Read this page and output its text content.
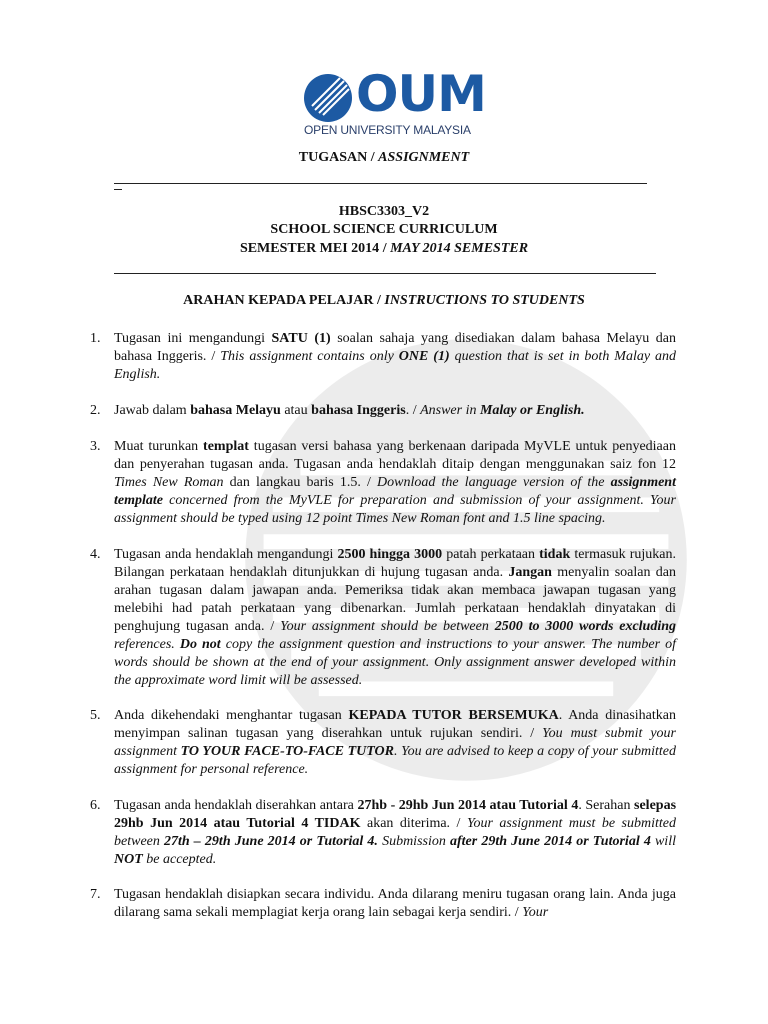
OUM
OPEN UNIVERSITY MALAYSIA
TUGASAN / ASSIGNMENT
HBSC3303_V2
SCHOOL SCIENCE CURRICULUM
SEMESTER MEI 2014 / MAY 2014 SEMESTER
ARAHAN KEPADA PELAJAR / INSTRUCTIONS TO STUDENTS
1. Tugasan ini mengandungi SATU (1) soalan sahaja yang disediakan dalam bahasa Melayu dan bahasa Inggeris. / This assignment contains only ONE (1) question that is set in both Malay and English.
2. Jawab dalam bahasa Melayu atau bahasa Inggeris. / Answer in Malay or English.
3. Muat turunkan templat tugasan versi bahasa yang berkenaan daripada MyVLE untuk penyediaan dan penyerahan tugasan anda. Tugasan anda hendaklah ditaip dengan menggunakan saiz fon 12 Times New Roman dan langkau baris 1.5. / Download the language version of the assignment template concerned from the MyVLE for preparation and submission of your assignment. Your assignment should be typed using 12 point Times New Roman font and 1.5 line spacing.
4. Tugasan anda hendaklah mengandungi 2500 hingga 3000 patah perkataan tidak termasuk rujukan. Bilangan perkataan hendaklah ditunjukkan di hujung tugasan anda. Jangan menyalin soalan dan arahan tugasan dalam jawapan anda. Pemeriksa tidak akan membaca jawapan tugasan yang melebihi had patah perkataan yang dibenarkan. Jumlah perkataan hendaklah dinyatakan di penghujung tugasan anda. / Your assignment should be between 2500 to 3000 words excluding references. Do not copy the assignment question and instructions to your answer. The number of words should be shown at the end of your assignment. Only assignment answer developed within the approximate word limit will be assessed.
5. Anda dikehendaki menghantar tugasan KEPADA TUTOR BERSEMUKA. Anda dinasihatkan menyimpan salinan tugasan yang diserahkan untuk rujukan sendiri. / You must submit your assignment TO YOUR FACE-TO-FACE TUTOR. You are advised to keep a copy of your submitted assignment for personal reference.
6. Tugasan anda hendaklah diserahkan antara 27hb - 29hb Jun 2014 atau Tutorial 4. Serahan selepas 29hb Jun 2014 atau Tutorial 4 TIDAK akan diterima. / Your assignment must be submitted between 27th – 29th June 2014 or Tutorial 4. Submission after 29th June 2014 or Tutorial 4 will NOT be accepted.
7. Tugasan hendaklah disiapkan secara individu. Anda dilarang meniru tugasan orang lain. Anda juga dilarang sama sekali memplagiat kerja orang lain sebagai kerja sendiri. / Your
